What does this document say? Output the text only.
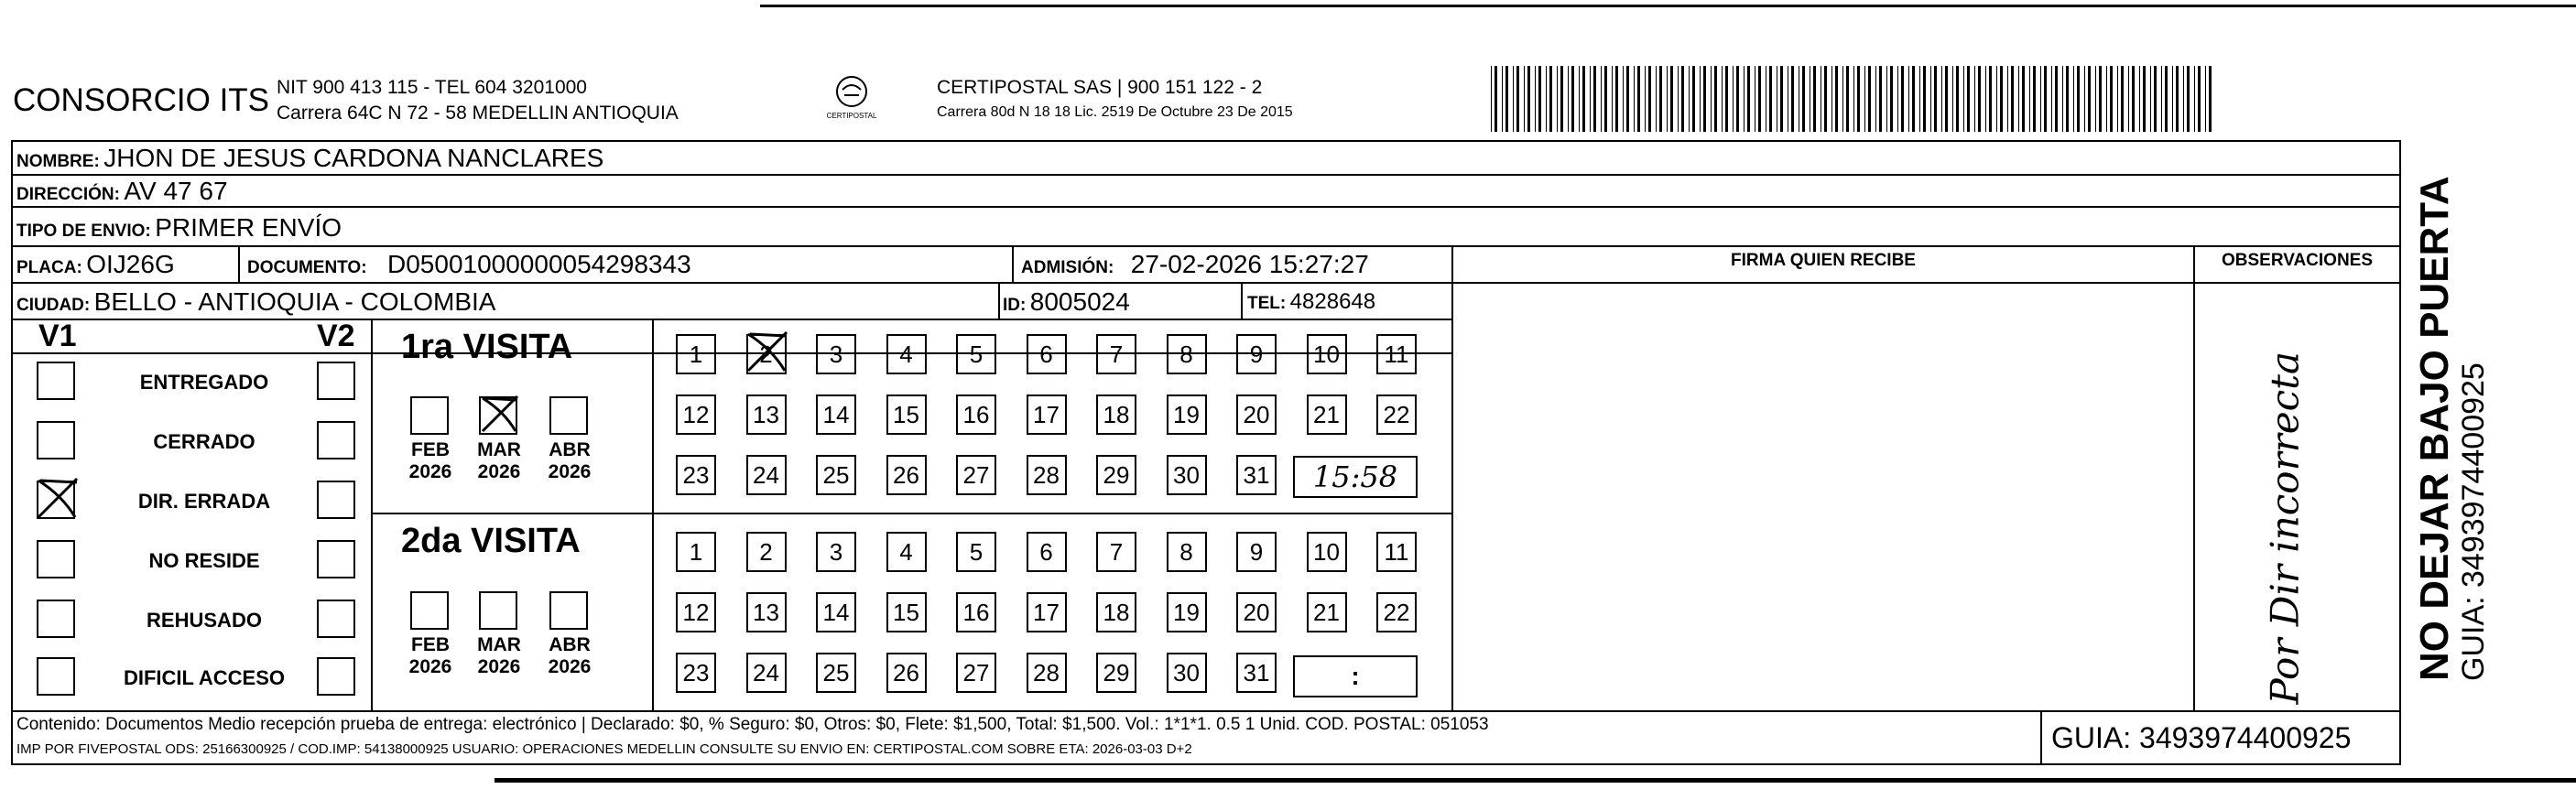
CONSORCIO ITS NIT 900 413 115 - TEL 604 3201000
Carrera 64C N 72 - 58 MEDELLIN ANTIOQUIA	CERTIPOSTAL
CERTIPOSTAL SAS | 900 151 122 - 2
Carrera 80d N 18 18 Lic. 2519 De Octubre 23 De 2015
NOMBRE: JHON DE JESUS CARDONA NANCLARES
DIRECCIÓN: AV 47 67
TIPO DE ENVIO: PRIMER ENVÍO
PLACA: OIJ26G	DOCUMENTO: D05001000000054298343	ADMISIÓN: 27-02-2026 15:27:27
CIUDAD: BELLO - ANTIOQUIA - COLOMBIA	ID: 8005024	TEL: 4828648
FIRMA QUIEN RECIBE	OBSERVACIONES
Por Dir incorrecta
V1	V2
ENTREGADO
CERRADO
DIR. ERRADA
NO RESIDE
REHUSADO
DIFICIL ACCESO
1ra VISITA
FEB
2026
MAR
2026
ABR
2026
1	2	3	4	5	6	7	8	9	10	11
12 13 14 15 16 17 18 19 20 21 22
23 24 25 26 27 28 29 30 31	15:58
2da VISITA
FEB
2026
MAR
2026
ABR
2026
1	2	3	4	5	6	7	8	9	10	11
12 13 14 15 16 17 18 19 20 21 22
23 24 25 26 27 28 29 30 31	:
Contenido: Documentos Medio recepción prueba de entrega: electrónico | Declarado: $0, % Seguro: $0, Otros: $0, Flete: $1,500, Total: $1,500. Vol.: 1*1*1. 0.5 1 Unid. COD. POSTAL: 051053
IMP POR FIVEPOSTAL ODS: 25166300925 / COD.IMP: 54138000925 USUARIO: OPERACIONES MEDELLIN CONSULTE SU ENVIO EN: CERTIPOSTAL.COM SOBRE ETA: 2026-03-03 D+2	GUIA: 3493974400925
NO DEJAR BAJO PUERTA GUIA: 3493974400925
